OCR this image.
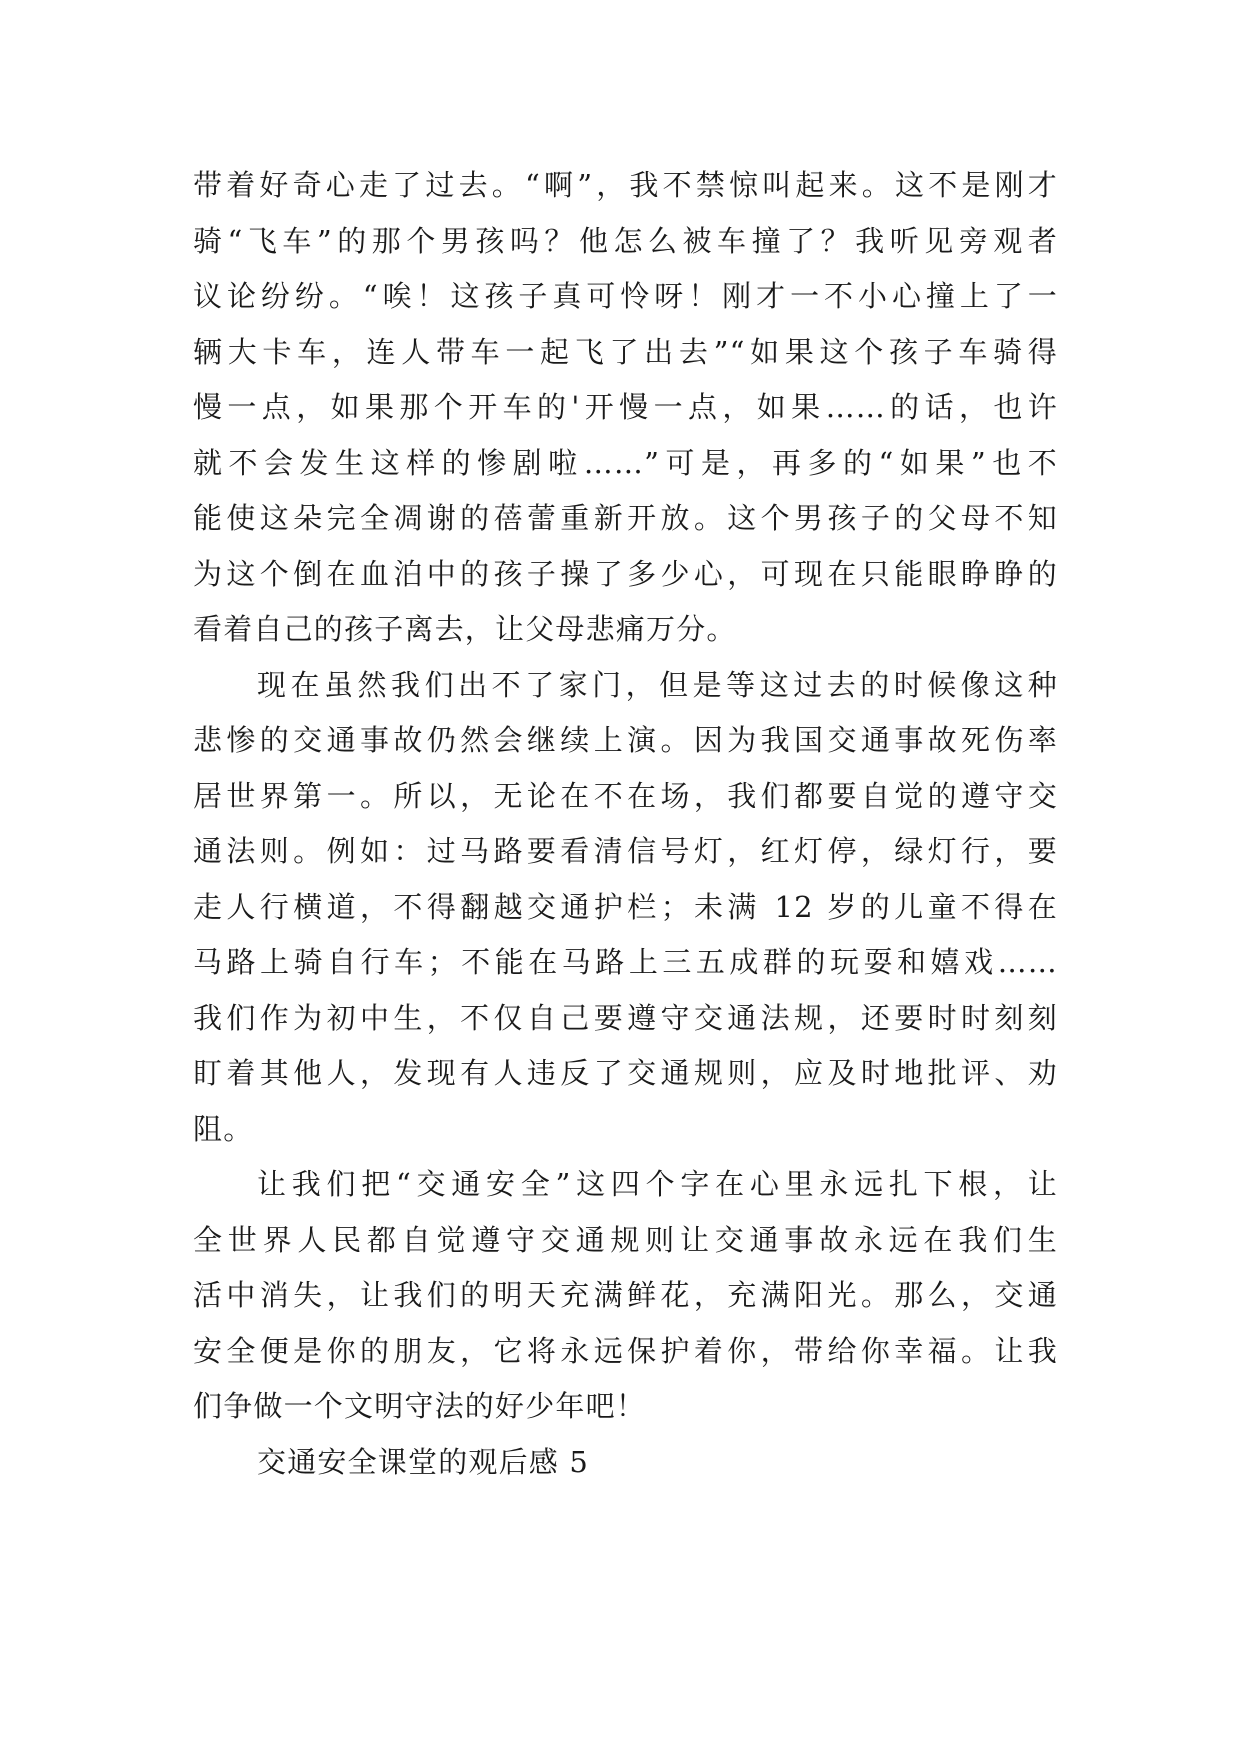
带着好奇心走了过去。“啊”，我不禁惊叫起来。这不是刚才
骑“飞车”的那个男孩吗？他怎么被车撞了？我听见旁观者
议论纷纷。“唉！这孩子真可怜呀！刚才一不小心撞上了一
辆大卡车，连人带车一起飞了出去”“如果这个孩子车骑得
慢一点，如果那个开车的'开慢一点，如果……的话，也许
就不会发生这样的惨剧啦……”可是，再多的“如果”也不
能使这朵完全凋谢的蓓蕾重新开放。这个男孩子的父母不知
为这个倒在血泊中的孩子操了多少心，可现在只能眼睁睁的
看着自己的孩子离去，让父母悲痛万分。
现在虽然我们出不了家门，但是等这过去的时候像这种
悲惨的交通事故仍然会继续上演。因为我国交通事故死伤率
居世界第一。所以，无论在不在场，我们都要自觉的遵守交
通法则。例如：过马路要看清信号灯，红灯停，绿灯行，要
走人行横道，不得翻越交通护栏；未满 12 岁的儿童不得在
马路上骑自行车；不能在马路上三五成群的玩耍和嬉戏……
我们作为初中生，不仅自己要遵守交通法规，还要时时刻刻
盯着其他人，发现有人违反了交通规则，应及时地批评、劝
阻。
让我们把“交通安全”这四个字在心里永远扎下根，让
全世界人民都自觉遵守交通规则让交通事故永远在我们生
活中消失，让我们的明天充满鲜花，充满阳光。那么，交通
安全便是你的朋友，它将永远保护着你，带给你幸福。让我
们争做一个文明守法的好少年吧！
交通安全课堂的观后感 5
